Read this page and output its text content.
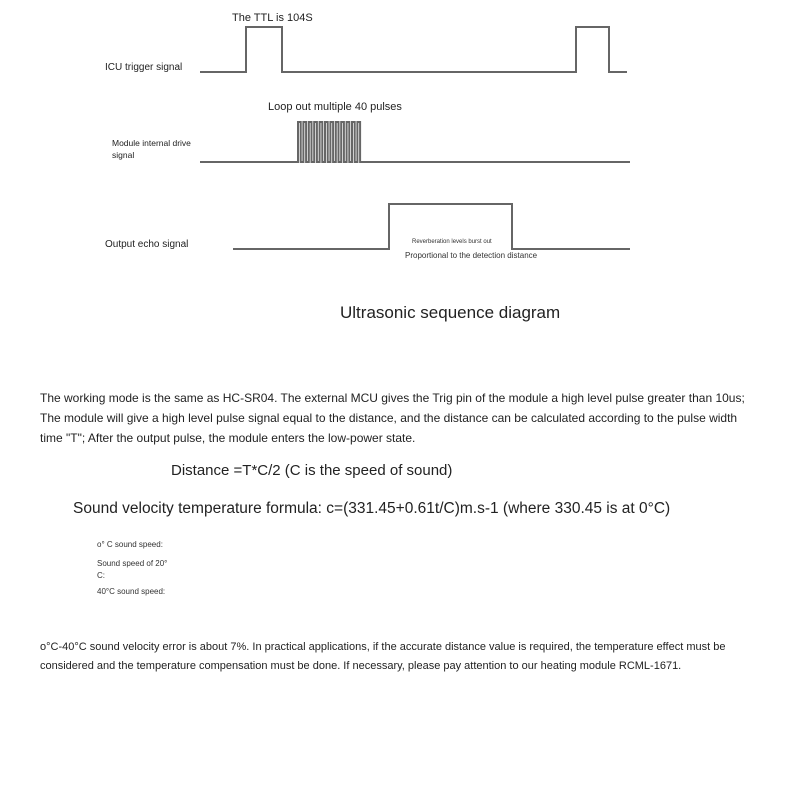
The TTL is 104S
ICU trigger signal
Loop out multiple 40 pulses
Module internal drive signal
Output echo signal	Reverberation levels burst out
Proportional to the detection distance
Ultrasonic sequence diagram
The working mode is the same as HC-SR04. The external MCU gives the Trig pin of the module a high level pulse greater than 10us; The module will give a high level pulse signal equal to the distance, and the distance can be calculated according to the pulse width time "T"; After the output pulse, the module enters the low-power state.
Distance =T*C/2 (C is the speed of sound)
Sound velocity temperature formula: c=(331.45+0.61t/C)m.s-1 (where 330.45 is at 0°C)
o° C sound speed:
Sound speed of 20° C:
40°C sound speed:
o°C-40°C sound velocity error is about 7%. In practical applications, if the accurate distance value is required, the temperature effect must be considered and the temperature compensation must be done. If necessary, please pay attention to our heating module RCML-1671.
